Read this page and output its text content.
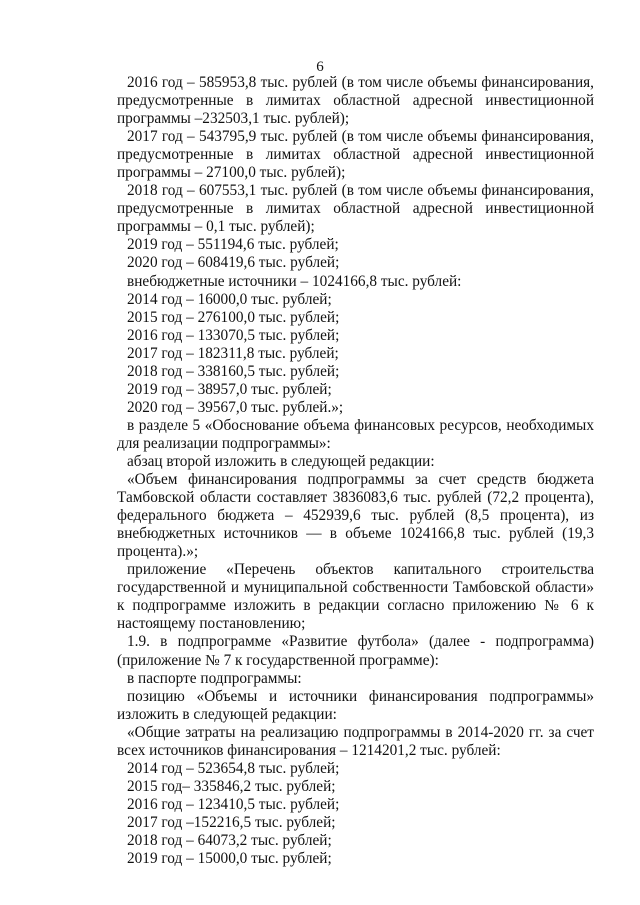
6

2016 год – 585953,8 тыс. рублей (в том числе объемы финансирования, предусмотренные в лимитах областной адресной инвестиционной программы –232503,1 тыс. рублей);

2017 год – 543795,9 тыс. рублей (в том числе объемы финансирования, предусмотренные в лимитах областной адресной инвестиционной программы – 27100,0 тыс. рублей);

2018 год – 607553,1 тыс. рублей (в том числе объемы финансирования, предусмотренные в лимитах областной адресной инвестиционной программы – 0,1 тыс. рублей);

2019 год – 551194,6 тыс. рублей;

2020 год – 608419,6 тыс. рублей;

внебюджетные источники – 1024166,8 тыс. рублей:

2014 год – 16000,0 тыс. рублей;

2015 год – 276100,0 тыс. рублей;

2016 год – 133070,5 тыс. рублей;

2017 год – 182311,8 тыс. рублей;

2018 год – 338160,5 тыс. рублей;

2019 год – 38957,0 тыс. рублей;

2020 год – 39567,0 тыс. рублей.»;

в разделе 5 «Обоснование объема финансовых ресурсов, необходимых для реализации подпрограммы»:

абзац второй изложить в следующей редакции:

«Объем финансирования подпрограммы за счет средств бюджета Тамбовской области составляет 3836083,6 тыс. рублей (72,2 процента), федерального бюджета – 452939,6 тыс. рублей (8,5 процента), из внебюджетных источников — в объеме 1024166,8 тыс. рублей (19,3 процента).»;

приложение «Перечень объектов капитального строительства государственной и муниципальной собственности Тамбовской области» к подпрограмме изложить в редакции согласно приложению № 6 к настоящему постановлению;

1.9. в подпрограмме «Развитие футбола» (далее - подпрограмма) (приложение № 7 к государственной программе):

в паспорте подпрограммы:

позицию «Объемы и источники финансирования подпрограммы» изложить в следующей редакции:

«Общие затраты на реализацию подпрограммы в 2014-2020 гг. за счет всех источников финансирования – 1214201,2 тыс. рублей:

2014 год – 523654,8 тыс. рублей;

2015 год– 335846,2 тыс. рублей;

2016 год – 123410,5 тыс. рублей;

2017 год –152216,5 тыс. рублей;

2018 год – 64073,2 тыс. рублей;

2019 год – 15000,0 тыс. рублей;
